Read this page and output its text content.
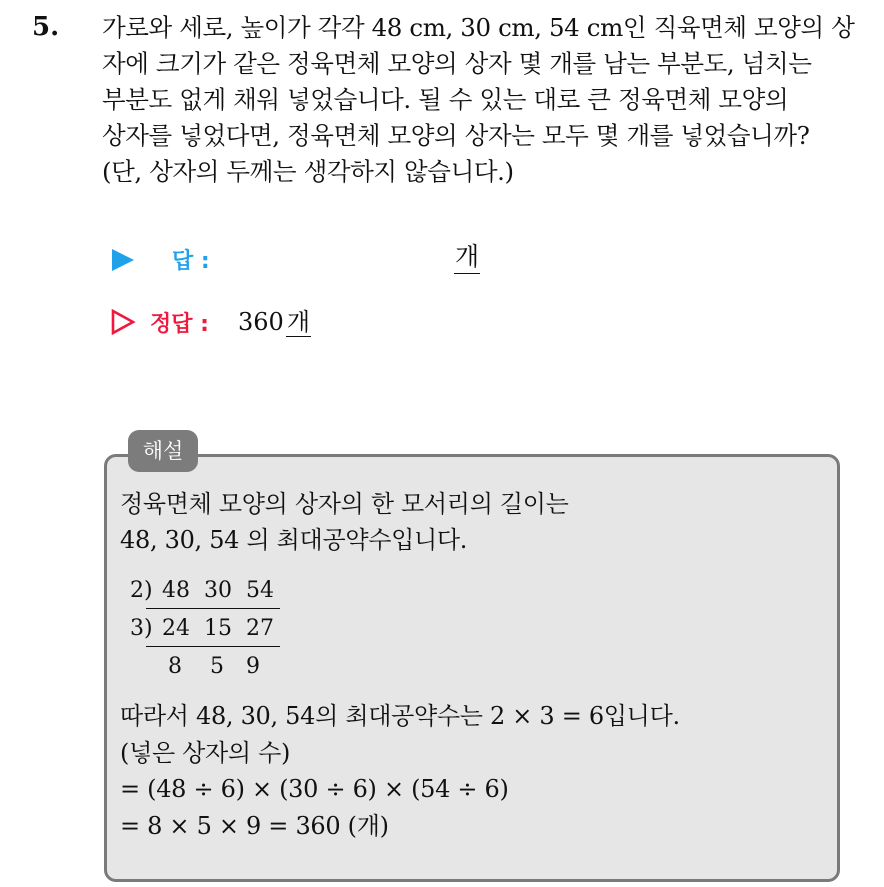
5. 가로와 세로, 높이가 각각 48 cm, 30 cm, 54 cm인 직육면체 모양의 상
자에 크기가 같은 정육면체 모양의 상자 몇 개를 남는 부분도, 넘치는
부분도 없게 채워 넣었습니다. 될 수 있는 대로 큰 정육면체 모양의
상자를 넣었다면, 정육면체 모양의 상자는 모두 몇 개를 넣었습니까?
(단, 상자의 두께는 생각하지 않습니다.)
답 :	개
정답 : 360 개
해설
정육면체 모양의 상자의 한 모서리의 길이는
48, 30, 54 의 최대공약수입니다.
2) 48 30 54
3) 24 15 27
8 5 9
따라서 48, 30, 54의 최대공약수는 2 × 3 = 6입니다.
(넣은 상자의 수)
= (48 ÷ 6) × (30 ÷ 6) × (54 ÷ 6)
= 8 × 5 × 9 = 360 (개)
